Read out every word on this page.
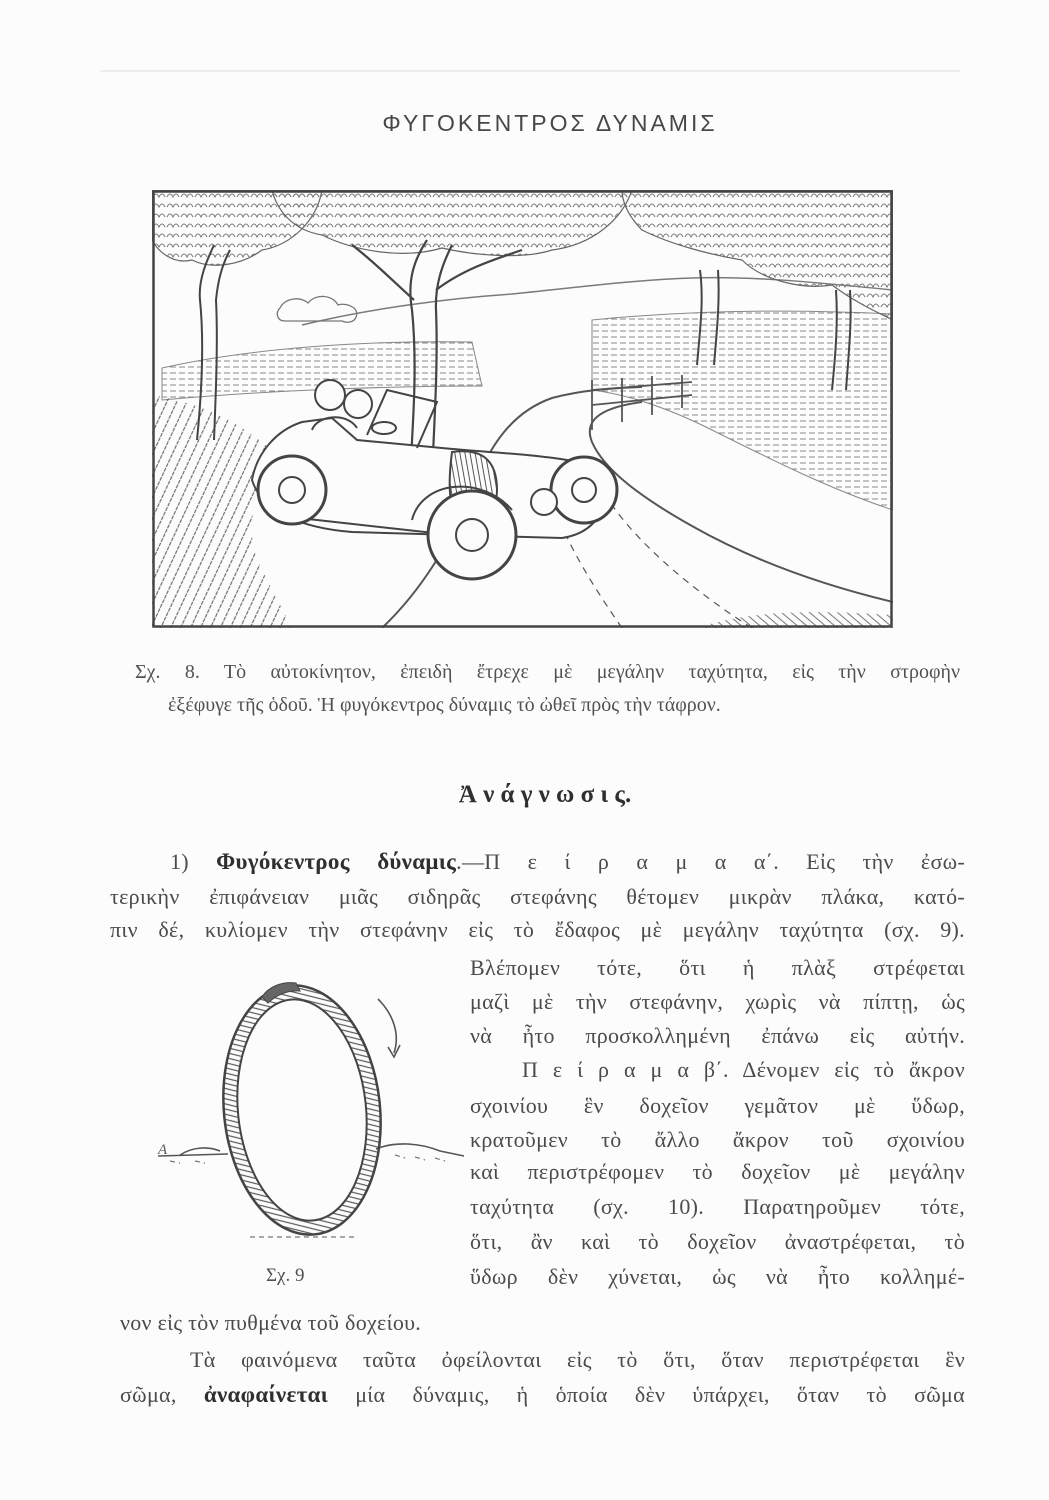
ΦΥΓΟΚΕΝΤΡΟΣ ΔΥΝΑΜΙΣ
Σχ. 8. Τὸ αὐτοκίνητον, ἐπειδὴ ἔτρεχε μὲ μεγάλην ταχύτητα, εἰς τὴν στροφὴν
ἐξέφυγε τῆς ὁδοῦ. Ἡ φυγόκεντρος δύναμις τὸ ὠθεῖ πρὸς τὴν τάφρον.
Ἀ ν ά γ ν ω σ ι ς.
1) Φυγόκεντρος δύναμις.—Π ε ί ρ α μ α α΄. Εἰς τὴν ἐσω-
τερικὴν ἐπιφάνειαν μιᾶς σιδηρᾶς στεφάνης θέτομεν μικρὰν πλάκα, κατό-
πιν δέ, κυλίομεν τὴν στεφάνην εἰς τὸ ἔδαφος μὲ μεγάλην ταχύτητα (σχ. 9).
Βλέπομεν τότε, ὅτι ἡ πλὰξ στρέφεται
μαζὶ μὲ τὴν στεφάνην, χωρὶς νὰ πίπτῃ, ὡς
νὰ ἦτο προσκολλημένη ἐπάνω εἰς αὐτήν.
Π ε ί ρ α μ α β΄. Δένομεν εἰς τὸ ἄκρον
σχοινίου ἓν δοχεῖον γεμᾶτον μὲ ὕδωρ,
κρατοῦμεν τὸ ἄλλο ἄκρον τοῦ σχοινίου
καὶ περιστρέφομεν τὸ δοχεῖον μὲ μεγάλην
ταχύτητα (σχ. 10). Παρατηροῦμεν τότε,
ὅτι, ἂν καὶ τὸ δοχεῖον ἀναστρέφεται, τὸ
ὕδωρ δὲν χύνεται, ὡς νὰ ἦτο κολλημέ-
νον εἰς τὸν πυθμένα τοῦ δοχείου.
Τὰ φαινόμενα ταῦτα ὀφείλονται εἰς τὸ ὅτι, ὅταν περιστρέφεται ἓν
σῶμα, ἀναφαίνεται μία δύναμις, ἡ ὁποία δὲν ὑπάρχει, ὅταν τὸ σῶμα
Α
Σχ. 9
